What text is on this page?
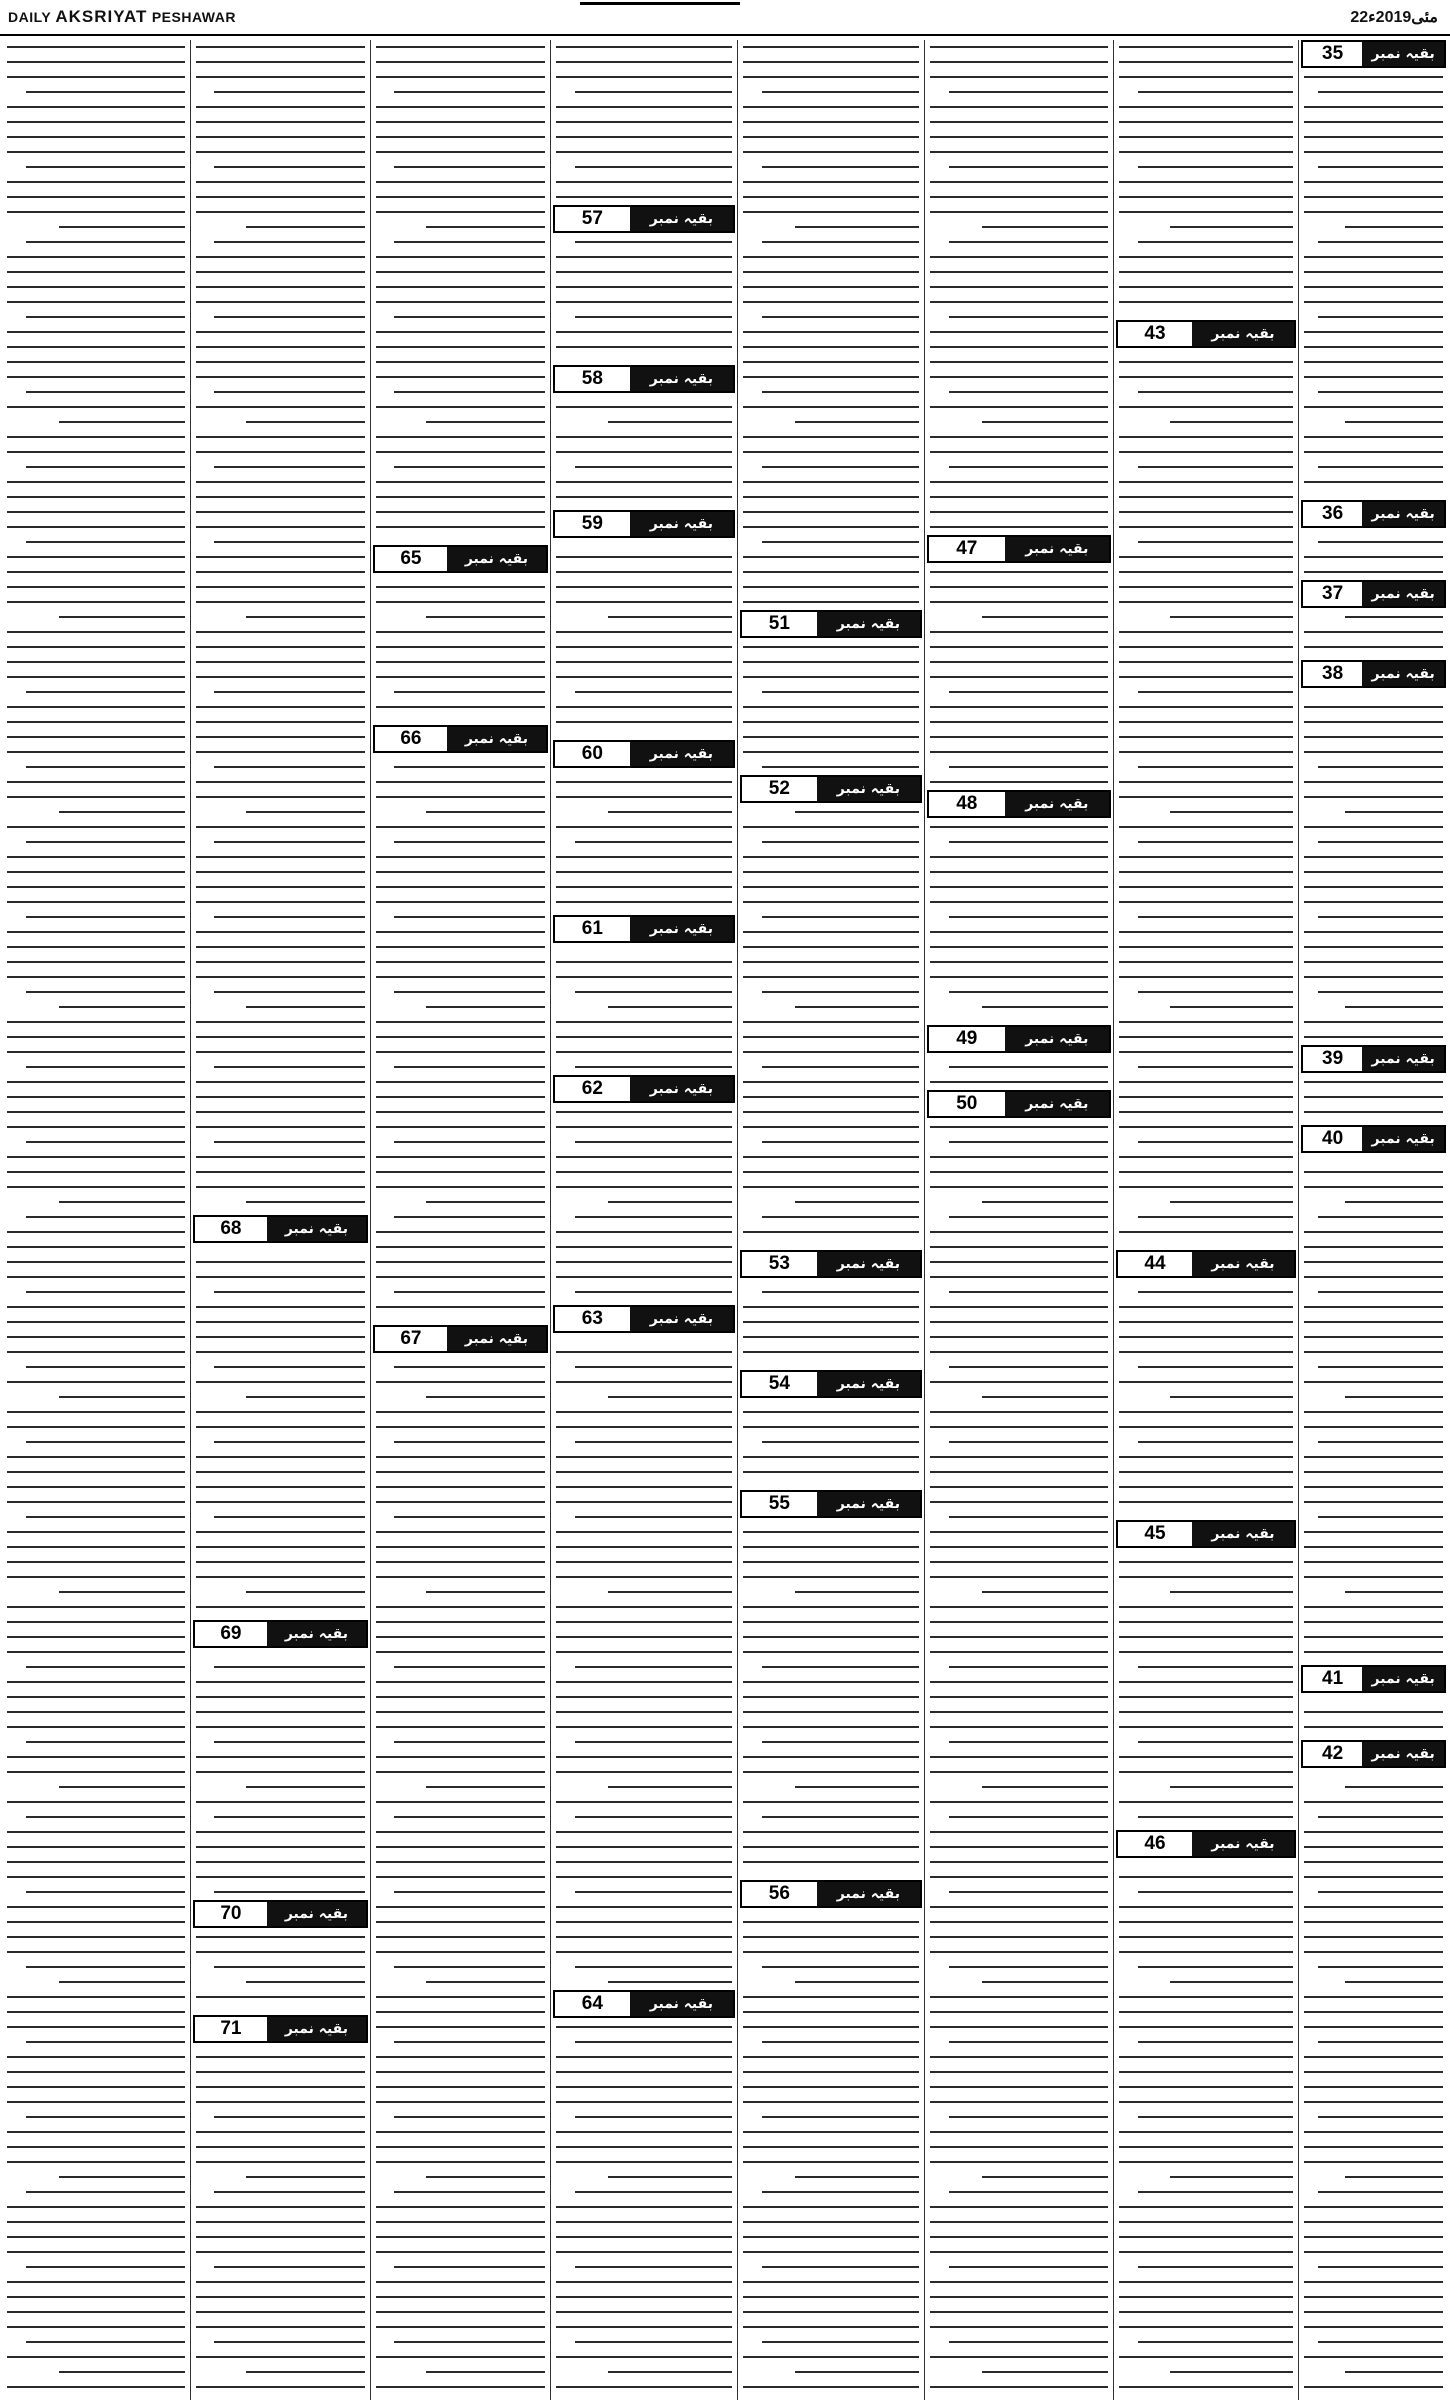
DAILY AKSRIYAT PESHAWAR	22مئی2019ء
68	بقیہ نمبر
69	بقیہ نمبر
70	بقیہ نمبر
71	بقیہ نمبر
65	بقیہ نمبر
66	بقیہ نمبر
67	بقیہ نمبر
57	بقیہ نمبر
58	بقیہ نمبر
59	بقیہ نمبر
60	بقیہ نمبر
61	بقیہ نمبر
62	بقیہ نمبر
63	بقیہ نمبر
64	بقیہ نمبر
51	بقیہ نمبر
52	بقیہ نمبر
53	بقیہ نمبر
54	بقیہ نمبر
55	بقیہ نمبر
56	بقیہ نمبر
47	بقیہ نمبر
48	بقیہ نمبر
49	بقیہ نمبر
50	بقیہ نمبر
43	بقیہ نمبر
44	بقیہ نمبر
45	بقیہ نمبر
46	بقیہ نمبر
35	بقیہ نمبر
36	بقیہ نمبر
37	بقیہ نمبر
38	بقیہ نمبر
39	بقیہ نمبر
40	بقیہ نمبر
41	بقیہ نمبر
42	بقیہ نمبر
